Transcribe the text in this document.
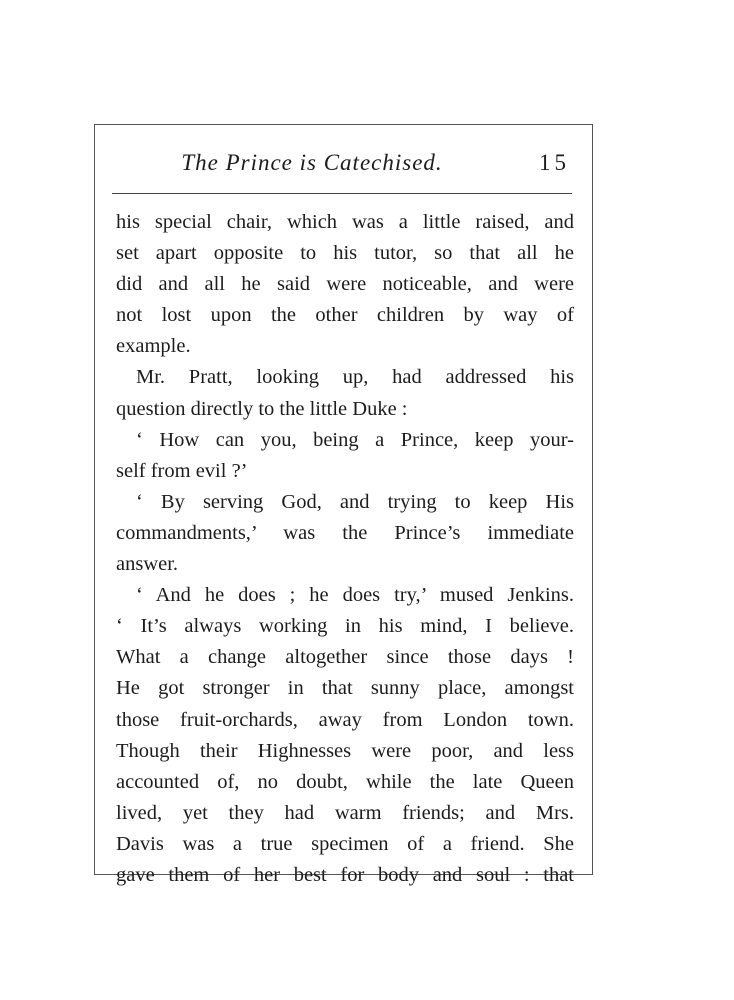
The Prince is Catechised.	15
his special chair, which was a little raised, and
set apart opposite to his tutor, so that all he
did and all he said were noticeable, and were
not lost upon the other children by way of
example.
Mr. Pratt, looking up, had addressed his
question directly to the little Duke :
‘ How can you, being a Prince, keep your-
self from evil ?’
‘ By serving God, and trying to keep His
commandments,’ was the Prince’s immediate
answer.
‘ And he does ; he does try,’ mused Jenkins.
‘ It’s always working in his mind, I believe.
What a change altogether since those days !
He got stronger in that sunny place, amongst
those fruit-orchards, away from London town.
Though their Highnesses were poor, and less
accounted of, no doubt, while the late Queen
lived, yet they had warm friends; and Mrs.
Davis was a true specimen of a friend. She
gave them of her best for body and soul : that
